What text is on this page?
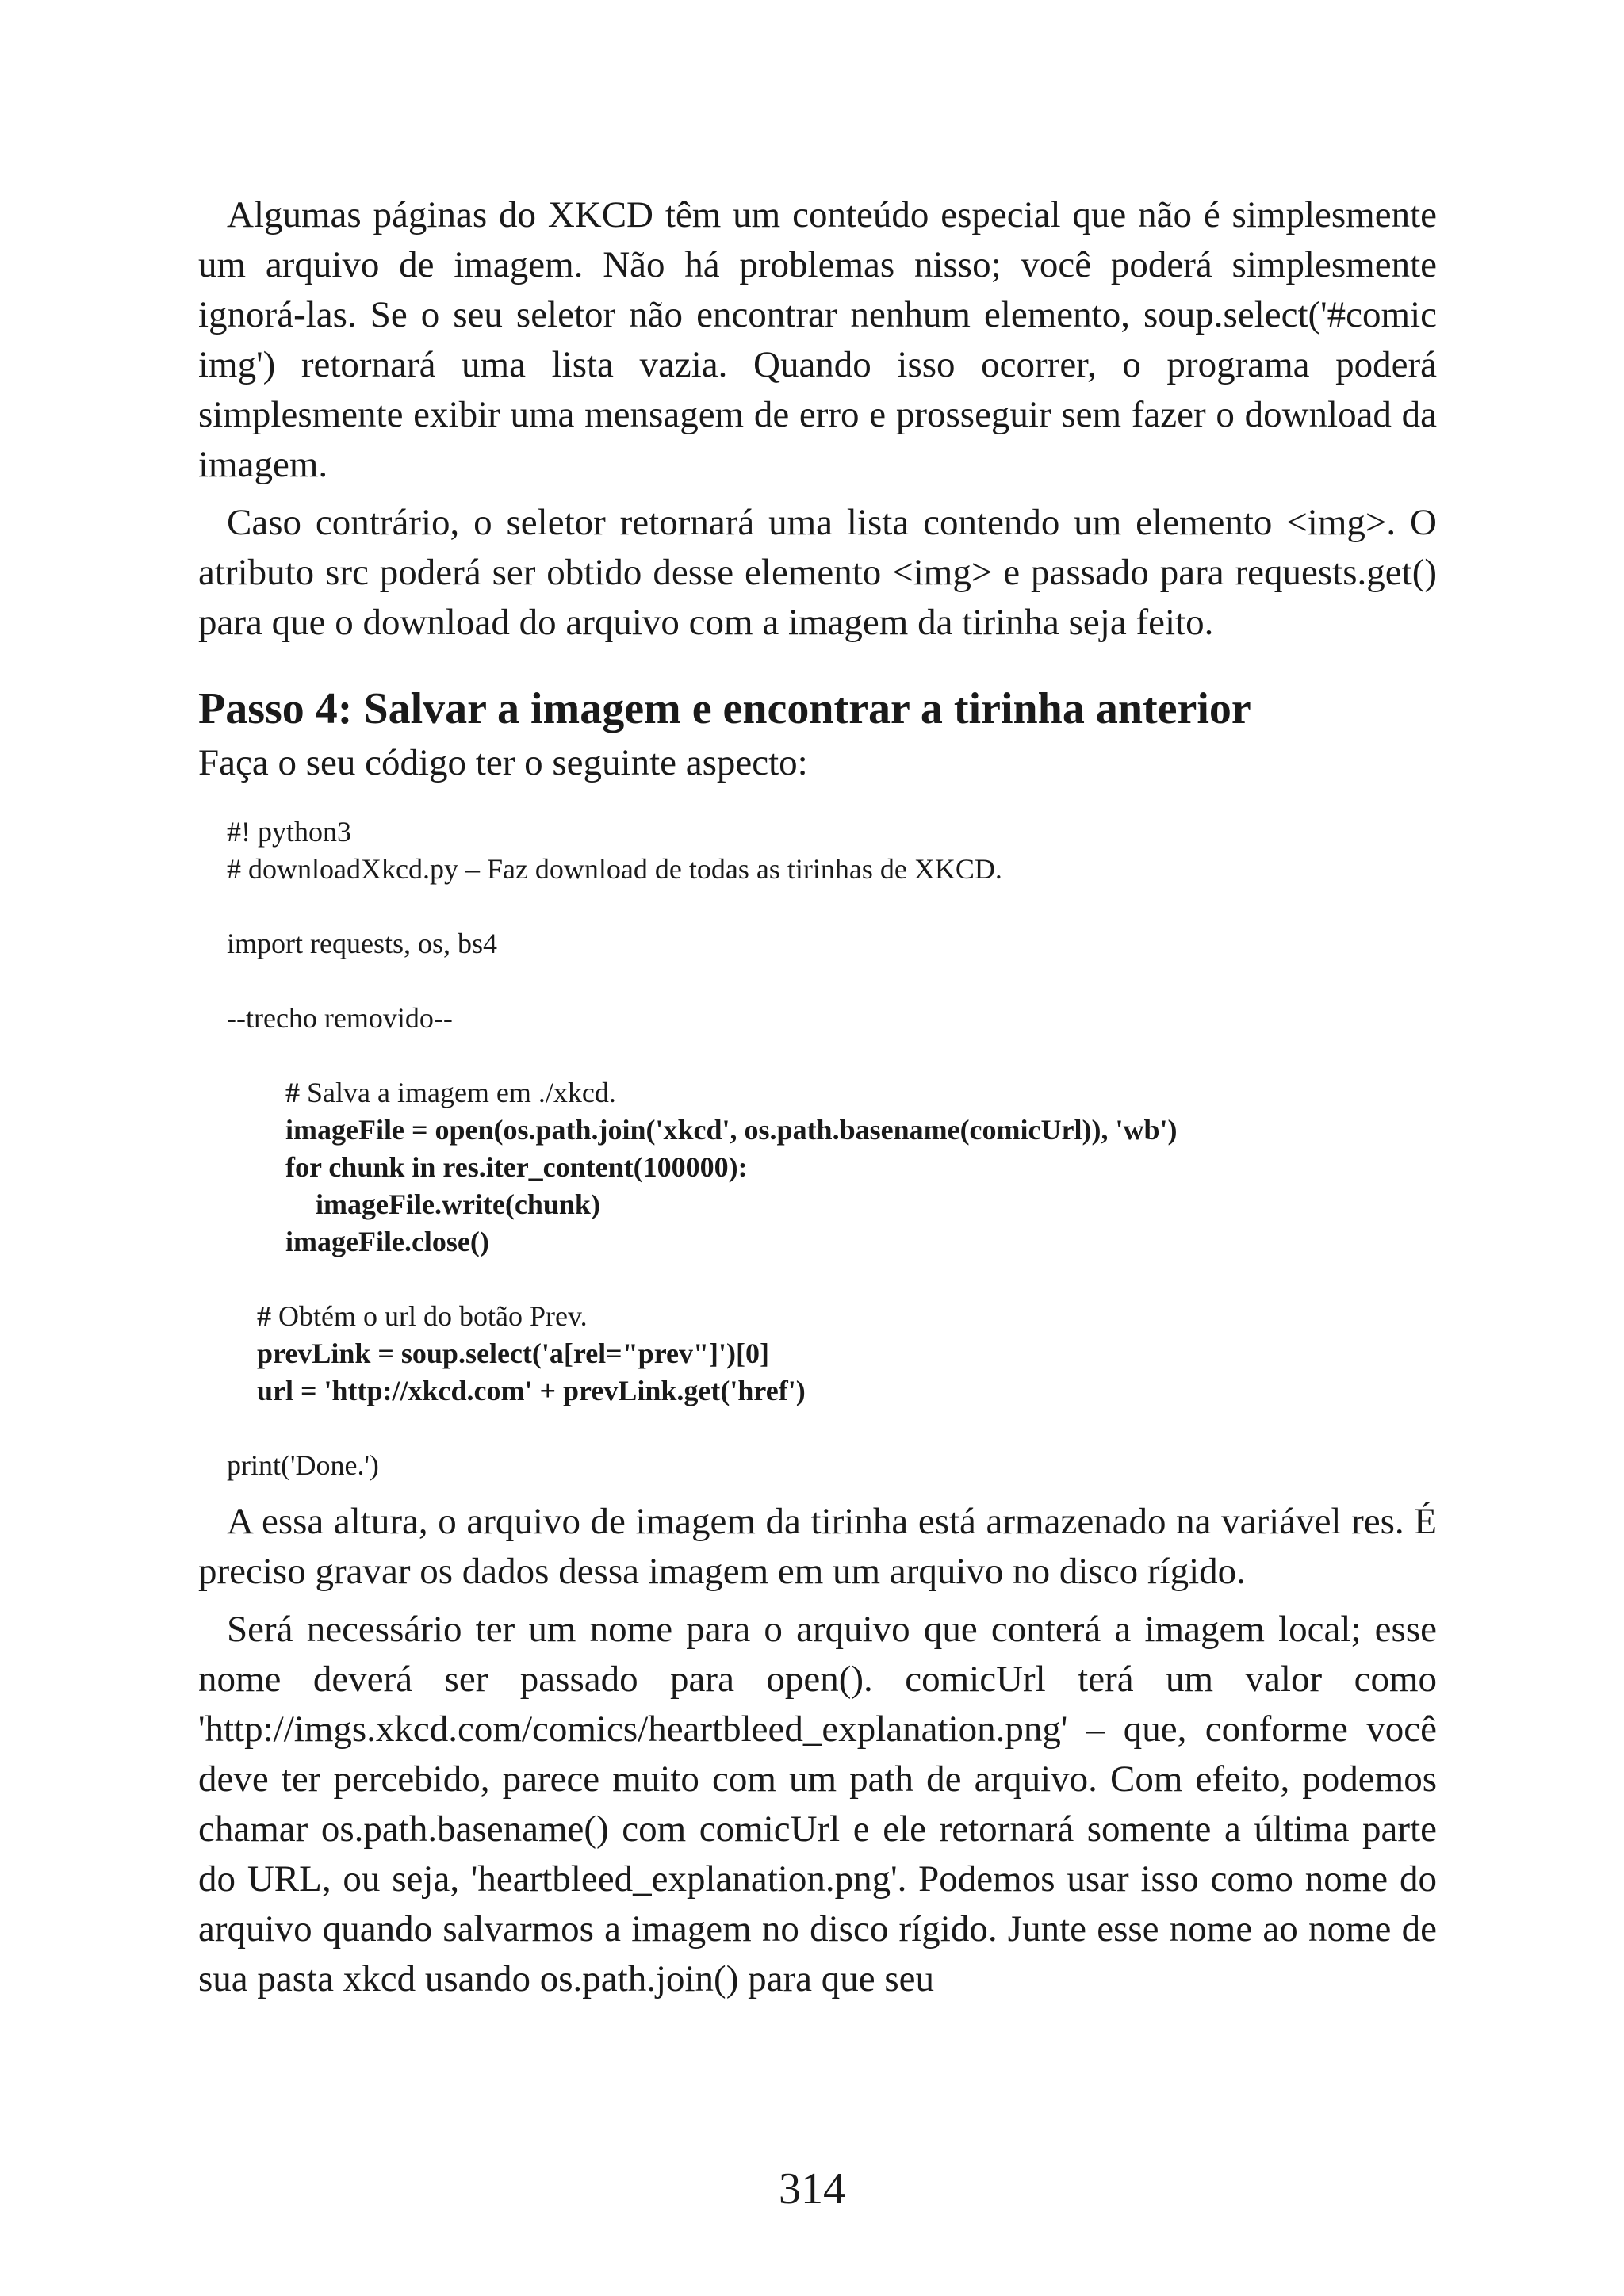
Algumas páginas do XKCD têm um conteúdo especial que não é simplesmente um arquivo de imagem. Não há problemas nisso; você poderá simplesmente ignorá-las. Se o seu seletor não encontrar nenhum elemento, soup.select('#comic img') retornará uma lista vazia. Quando isso ocorrer, o programa poderá simplesmente exibir uma mensagem de erro e prosseguir sem fazer o download da imagem.

Caso contrário, o seletor retornará uma lista contendo um elemento <img>. O atributo src poderá ser obtido desse elemento <img> e passado para requests.get() para que o download do arquivo com a imagem da tirinha seja feito.

Passo 4: Salvar a imagem e encontrar a tirinha anterior

Faça o seu código ter o seguinte aspecto:

#! python3
# downloadXkcd.py – Faz download de todas as tirinhas de XKCD.
import requests, os, bs4
--trecho removido--
# Salva a imagem em ./xkcd.
imageFile = open(os.path.join('xkcd', os.path.basename(comicUrl)), 'wb')
for chunk in res.iter_content(100000):
imageFile.write(chunk)
imageFile.close()
# Obtém o url do botão Prev.
prevLink = soup.select('a[rel="prev"]')[0]
url = 'http://xkcd.com' + prevLink.get('href')
print('Done.')

A essa altura, o arquivo de imagem da tirinha está armazenado na variável res. É preciso gravar os dados dessa imagem em um arquivo no disco rígido.

Será necessário ter um nome para o arquivo que conterá a imagem local; esse nome deverá ser passado para open(). comicUrl terá um valor como 'http://imgs.xkcd.com/comics/heartbleed_explanation.png' – que, conforme você deve ter percebido, parece muito com um path de arquivo. Com efeito, podemos chamar os.path.basename() com comicUrl e ele retornará somente a última parte do URL, ou seja, 'heartbleed_explanation.png'. Podemos usar isso como nome do arquivo quando salvarmos a imagem no disco rígido. Junte esse nome ao nome de sua pasta xkcd usando os.path.join() para que seu

314
